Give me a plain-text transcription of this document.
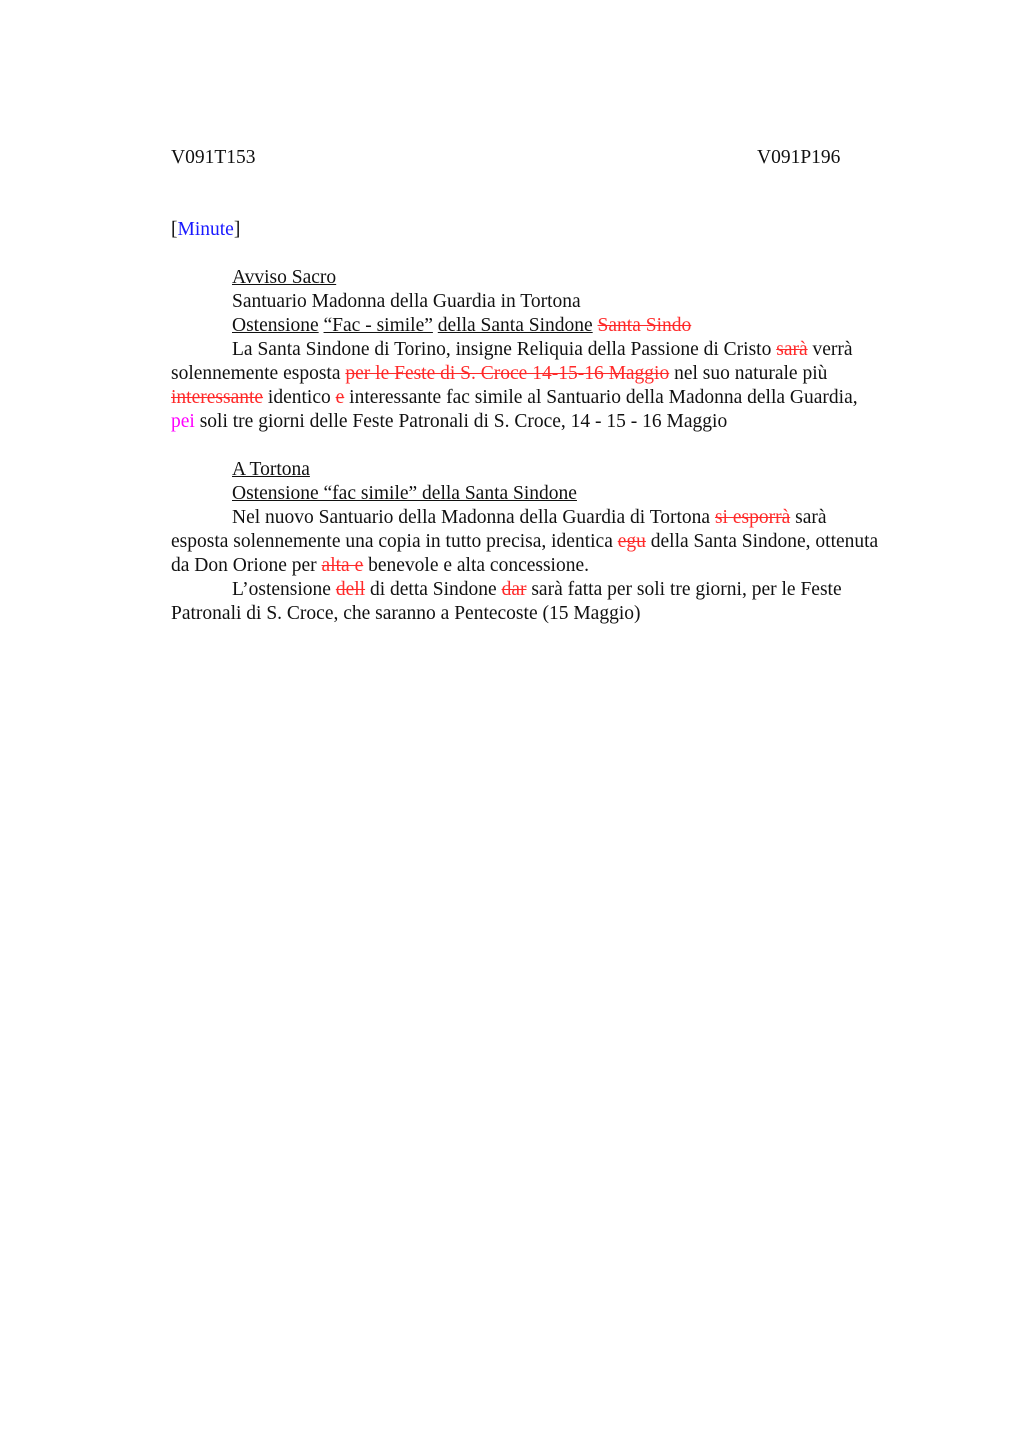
V091T153	V091P196
[Minute]
Avviso Sacro
Santuario Madonna della Guardia in Tortona
Ostensione “Fac - simile” della Santa Sindone Santa Sindo
La Santa Sindone di Torino, insigne Reliquia della Passione di Cristo sarà verrà
solennemente esposta per le Feste di S. Croce 14-15-16 Maggio nel suo naturale più
interessante identico e interessante fac simile al Santuario della Madonna della Guardia,
pei soli tre giorni delle Feste Patronali di S. Croce, 14 - 15 - 16 Maggio
A Tortona
Ostensione “fac simile” della Santa Sindone
Nel nuovo Santuario della Madonna della Guardia di Tortona si esporrà sarà
esposta solennemente una copia in tutto precisa, identica egu della Santa Sindone, ottenuta
da Don Orione per alta e benevole e alta concessione.
L’ostensione dell di detta Sindone dar sarà fatta per soli tre giorni, per le Feste
Patronali di S. Croce, che saranno a Pentecoste (15 Maggio)
